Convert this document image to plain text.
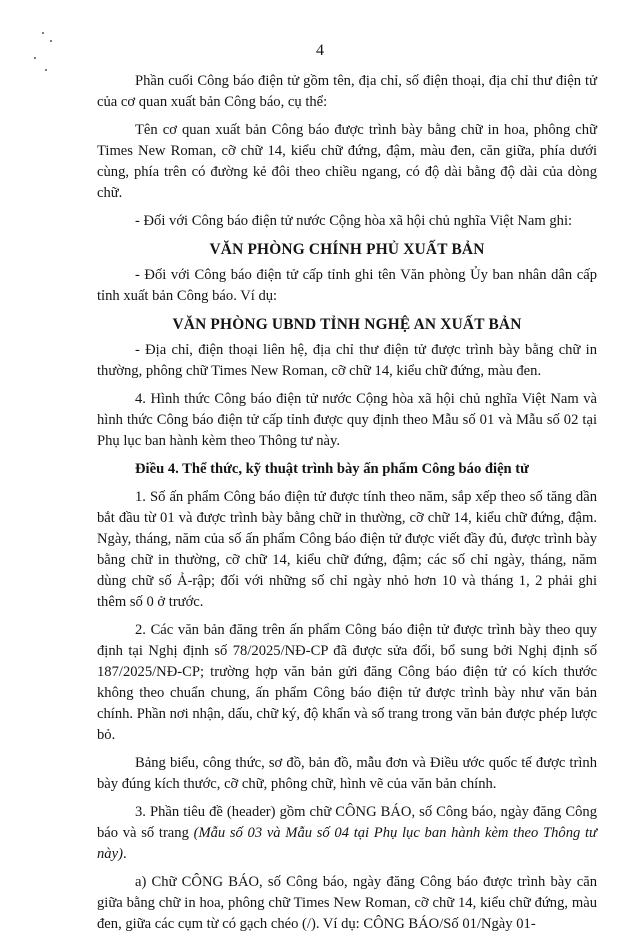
4

Phần cuối Công báo điện tử gồm tên, địa chỉ, số điện thoại, địa chỉ thư điện tử của cơ quan xuất bản Công báo, cụ thể:

Tên cơ quan xuất bản Công báo được trình bày bằng chữ in hoa, phông chữ Times New Roman, cỡ chữ 14, kiểu chữ đứng, đậm, màu đen, căn giữa, phía dưới cùng, phía trên có đường kẻ đôi theo chiều ngang, có độ dài bằng độ dài của dòng chữ.

- Đối với Công báo điện tử nước Cộng hòa xã hội chủ nghĩa Việt Nam ghi:

VĂN PHÒNG CHÍNH PHỦ XUẤT BẢN

- Đối với Công báo điện tử cấp tỉnh ghi tên Văn phòng Ủy ban nhân dân cấp tỉnh xuất bản Công báo. Ví dụ:

VĂN PHÒNG UBND TỈNH NGHỆ AN XUẤT BẢN

- Địa chỉ, điện thoại liên hệ, địa chỉ thư điện tử được trình bày bằng chữ in thường, phông chữ Times New Roman, cỡ chữ 14, kiểu chữ đứng, màu đen.

4. Hình thức Công báo điện tử nước Cộng hòa xã hội chủ nghĩa Việt Nam và hình thức Công báo điện tử cấp tỉnh được quy định theo Mẫu số 01 và Mẫu số 02 tại Phụ lục ban hành kèm theo Thông tư này.

Điều 4. Thể thức, kỹ thuật trình bày ấn phẩm Công báo điện tử

1. Số ấn phẩm Công báo điện tử được tính theo năm, sắp xếp theo số tăng dần bắt đầu từ 01 và được trình bày bằng chữ in thường, cỡ chữ 14, kiểu chữ đứng, đậm. Ngày, tháng, năm của số ấn phẩm Công báo điện tử được viết đầy đủ, được trình bày bằng chữ in thường, cỡ chữ 14, kiểu chữ đứng, đậm; các số chỉ ngày, tháng, năm dùng chữ số Ả-rập; đối với những số chỉ ngày nhỏ hơn 10 và tháng 1, 2 phải ghi thêm số 0 ở trước.

2. Các văn bản đăng trên ấn phẩm Công báo điện tử được trình bày theo quy định tại Nghị định số 78/2025/NĐ-CP đã được sửa đổi, bổ sung bởi Nghị định số 187/2025/NĐ-CP; trường hợp văn bản gửi đăng Công báo điện tử có kích thước không theo chuẩn chung, ấn phẩm Công báo điện tử được trình bày như văn bản chính. Phần nơi nhận, dấu, chữ ký, độ khẩn và số trang trong văn bản được phép lược bỏ.

Bảng biểu, công thức, sơ đồ, bản đồ, mẫu đơn và Điều ước quốc tế được trình bày đúng kích thước, cỡ chữ, phông chữ, hình vẽ của văn bản chính.

3. Phần tiêu đề (header) gồm chữ CÔNG BÁO, số Công báo, ngày đăng Công báo và số trang (Mẫu số 03 và Mẫu số 04 tại Phụ lục ban hành kèm theo Thông tư này).

a) Chữ CÔNG BÁO, số Công báo, ngày đăng Công báo được trình bày căn giữa bằng chữ in hoa, phông chữ Times New Roman, cỡ chữ 14, kiểu chữ đứng, màu đen, giữa các cụm từ có gạch chéo (/). Ví dụ: CÔNG BÁO/Số 01/Ngày 01-
